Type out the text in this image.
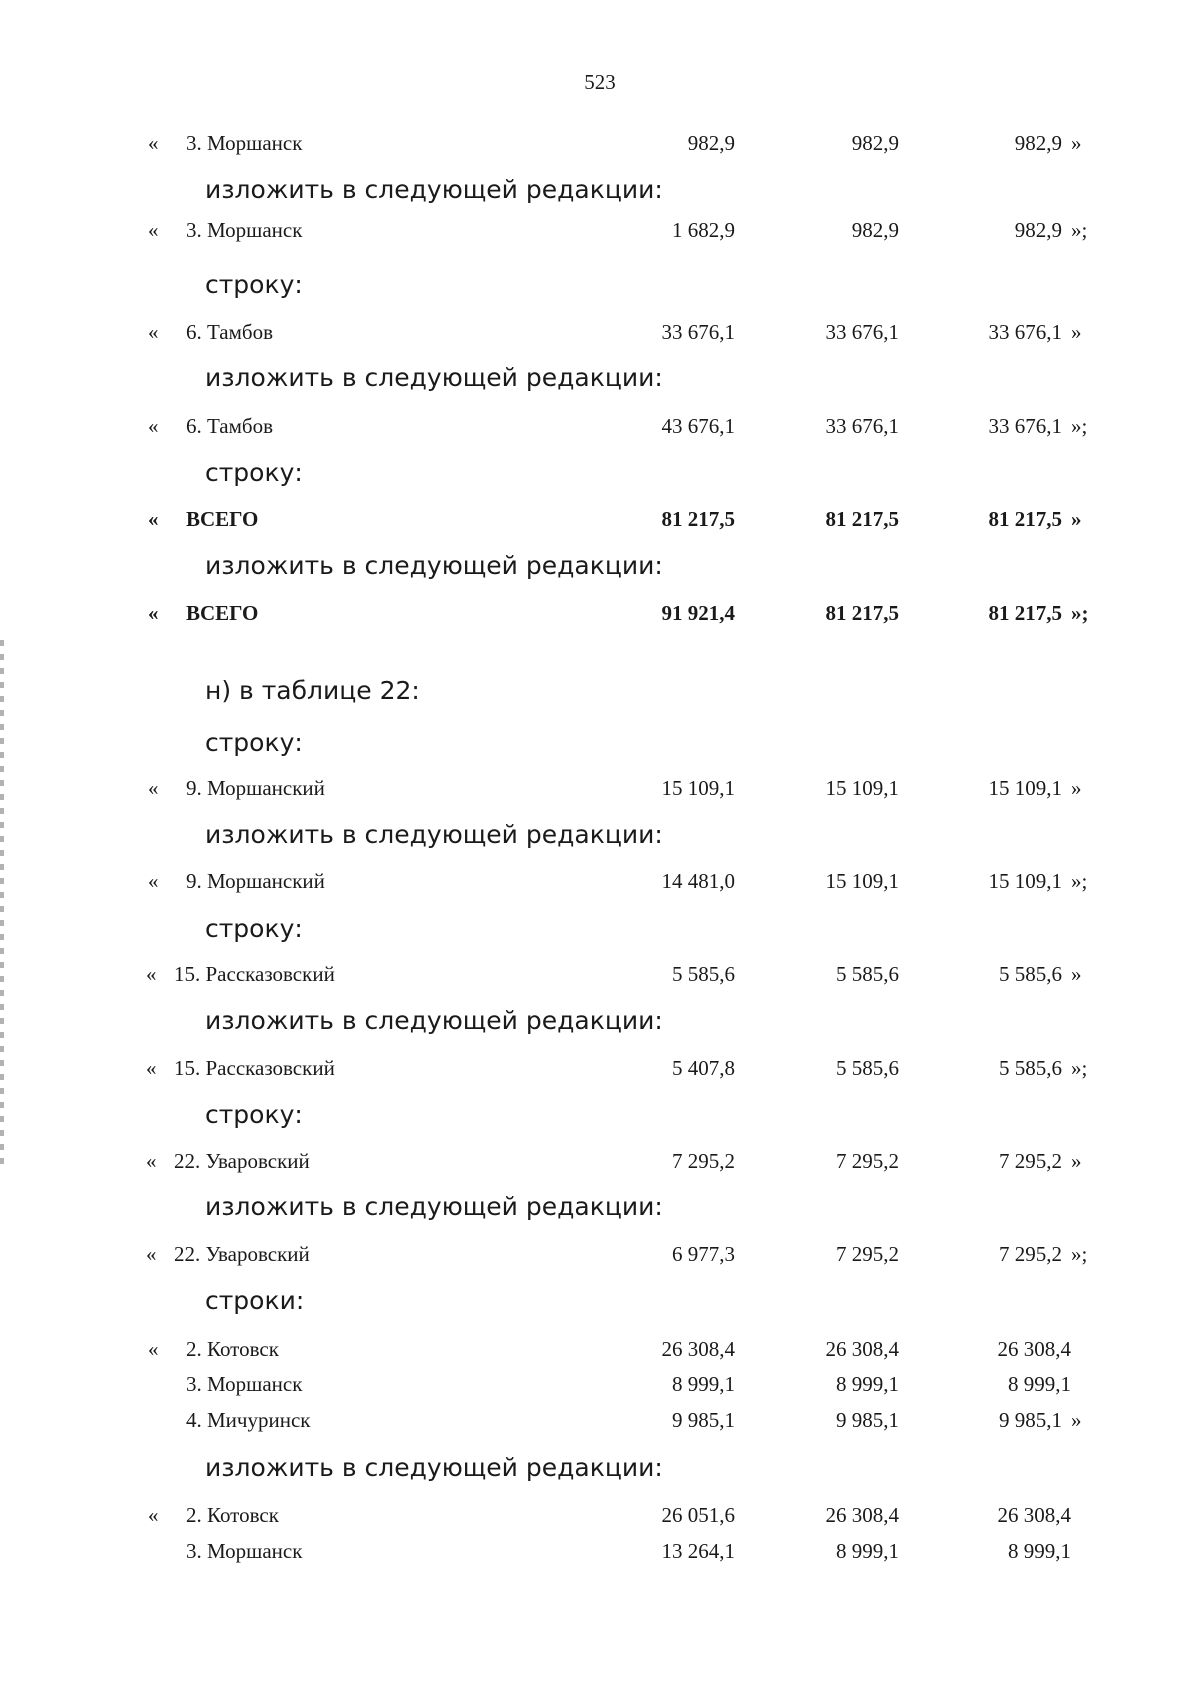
523
« 3. Моршанск	982,9	982,9	982,9 »
изложить в следующей редакции:
« 3. Моршанск	1 682,9	982,9	982,9 »;
строку:
« 6. Тамбов	33 676,1	33 676,1	33 676,1 »
изложить в следующей редакции:
« 6. Тамбов	43 676,1	33 676,1	33 676,1 »;
строку:
« ВСЕГО	81 217,5	81 217,5	81 217,5 »
изложить в следующей редакции:
« ВСЕГО	91 921,4	81 217,5	81 217,5 »;
н) в таблице 22:
строку:
« 9. Моршанский	15 109,1	15 109,1	15 109,1 »
изложить в следующей редакции:
« 9. Моршанский	14 481,0	15 109,1	15 109,1 »;
строку:
« 15. Рассказовский	5 585,6	5 585,6	5 585,6 »
изложить в следующей редакции:
« 15. Рассказовский	5 407,8	5 585,6	5 585,6 »;
строку:
« 22. Уваровский	7 295,2	7 295,2	7 295,2 »
изложить в следующей редакции:
« 22. Уваровский	6 977,3	7 295,2	7 295,2 »;
строки:
« 2. Котовск	26 308,4	26 308,4	26 308,4
3. Моршанск	8 999,1	8 999,1	8 999,1
4. Мичуринск	9 985,1	9 985,1	9 985,1 »
изложить в следующей редакции:
« 2. Котовск	26 051,6	26 308,4	26 308,4
3. Моршанск	13 264,1	8 999,1	8 999,1
